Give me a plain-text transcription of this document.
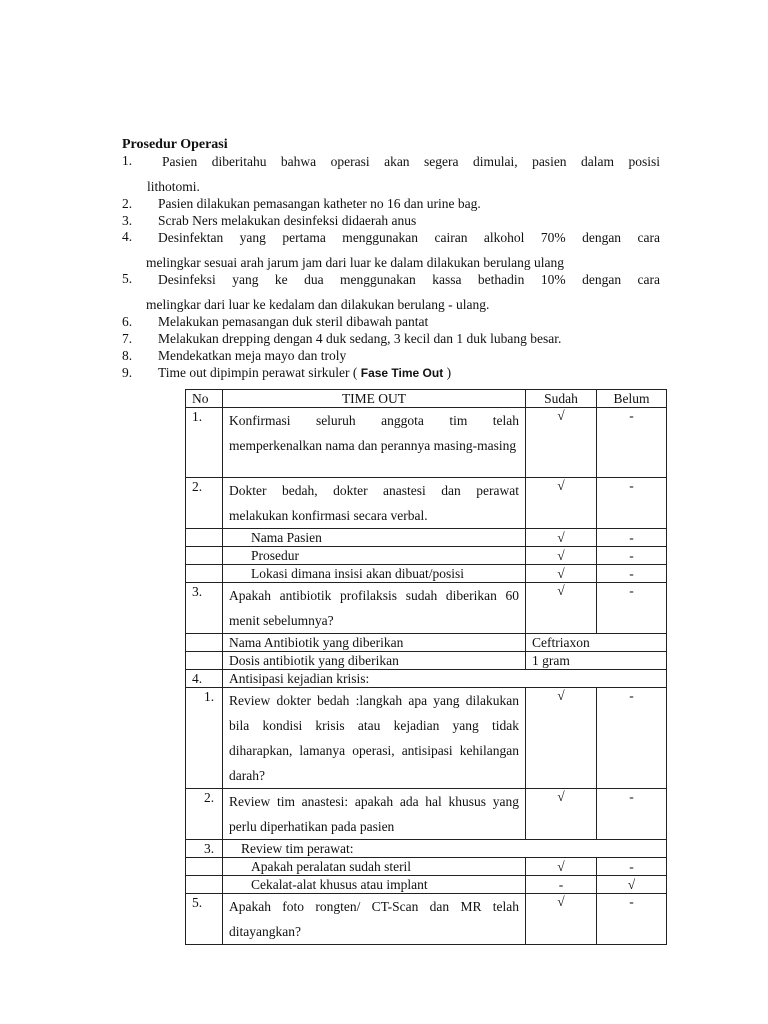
Prosedur Operasi
1.	Pasien diberitahu bahwa operasi akan segera dimulai, pasien dalam posisi
lithotomi.
2.	Pasien dilakukan pemasangan katheter no 16 dan urine bag.
3.	Scrab Ners melakukan desinfeksi didaerah anus
4.	Desinfektan yang pertama menggunakan cairan alkohol 70% dengan cara
melingkar sesuai arah jarum jam dari luar ke dalam dilakukan berulang ulang
5.	Desinfeksi yang ke dua menggunakan kassa bethadin 10% dengan cara
melingkar dari luar ke kedalam dan dilakukan berulang - ulang.
6.	Melakukan pemasangan duk steril dibawah pantat
7.	Melakukan drepping dengan 4 duk sedang, 3 kecil dan 1 duk lubang besar.
8.	Mendekatkan meja mayo dan troly
9.	Time out dipimpin perawat sirkuler ( Fase Time Out )
No	TIME OUT	Sudah	Belum
1.	Konfirmasi seluruh anggota tim telah memperkenalkan nama dan perannya masing-masing	√	-
2.	Dokter bedah, dokter anastesi dan perawat melakukan konfirmasi secara verbal.	√	-
	Nama Pasien	√	-
	Prosedur	√	-
	Lokasi dimana insisi akan dibuat/posisi	√	-
3.	Apakah antibiotik profilaksis sudah diberikan 60 menit sebelumnya?	√	-
	Nama Antibiotik yang diberikan	Ceftriaxon	
	Dosis antibiotik yang diberikan	1 gram	
4.	Antisipasi kejadian krisis:		
1.	Review dokter bedah :langkah apa yang dilakukan bila kondisi krisis atau kejadian yang tidak diharapkan, lamanya operasi, antisipasi kehilangan darah?	√	-
2.	Review tim anastesi: apakah ada hal khusus yang perlu diperhatikan pada pasien	√	-
3.	Review tim perawat:		
	Apakah peralatan sudah steril	√	-
	Cekalat-alat khusus atau implant	-	√
5.	Apakah foto rongten/ CT-Scan dan MR telah ditayangkan?	√	-
